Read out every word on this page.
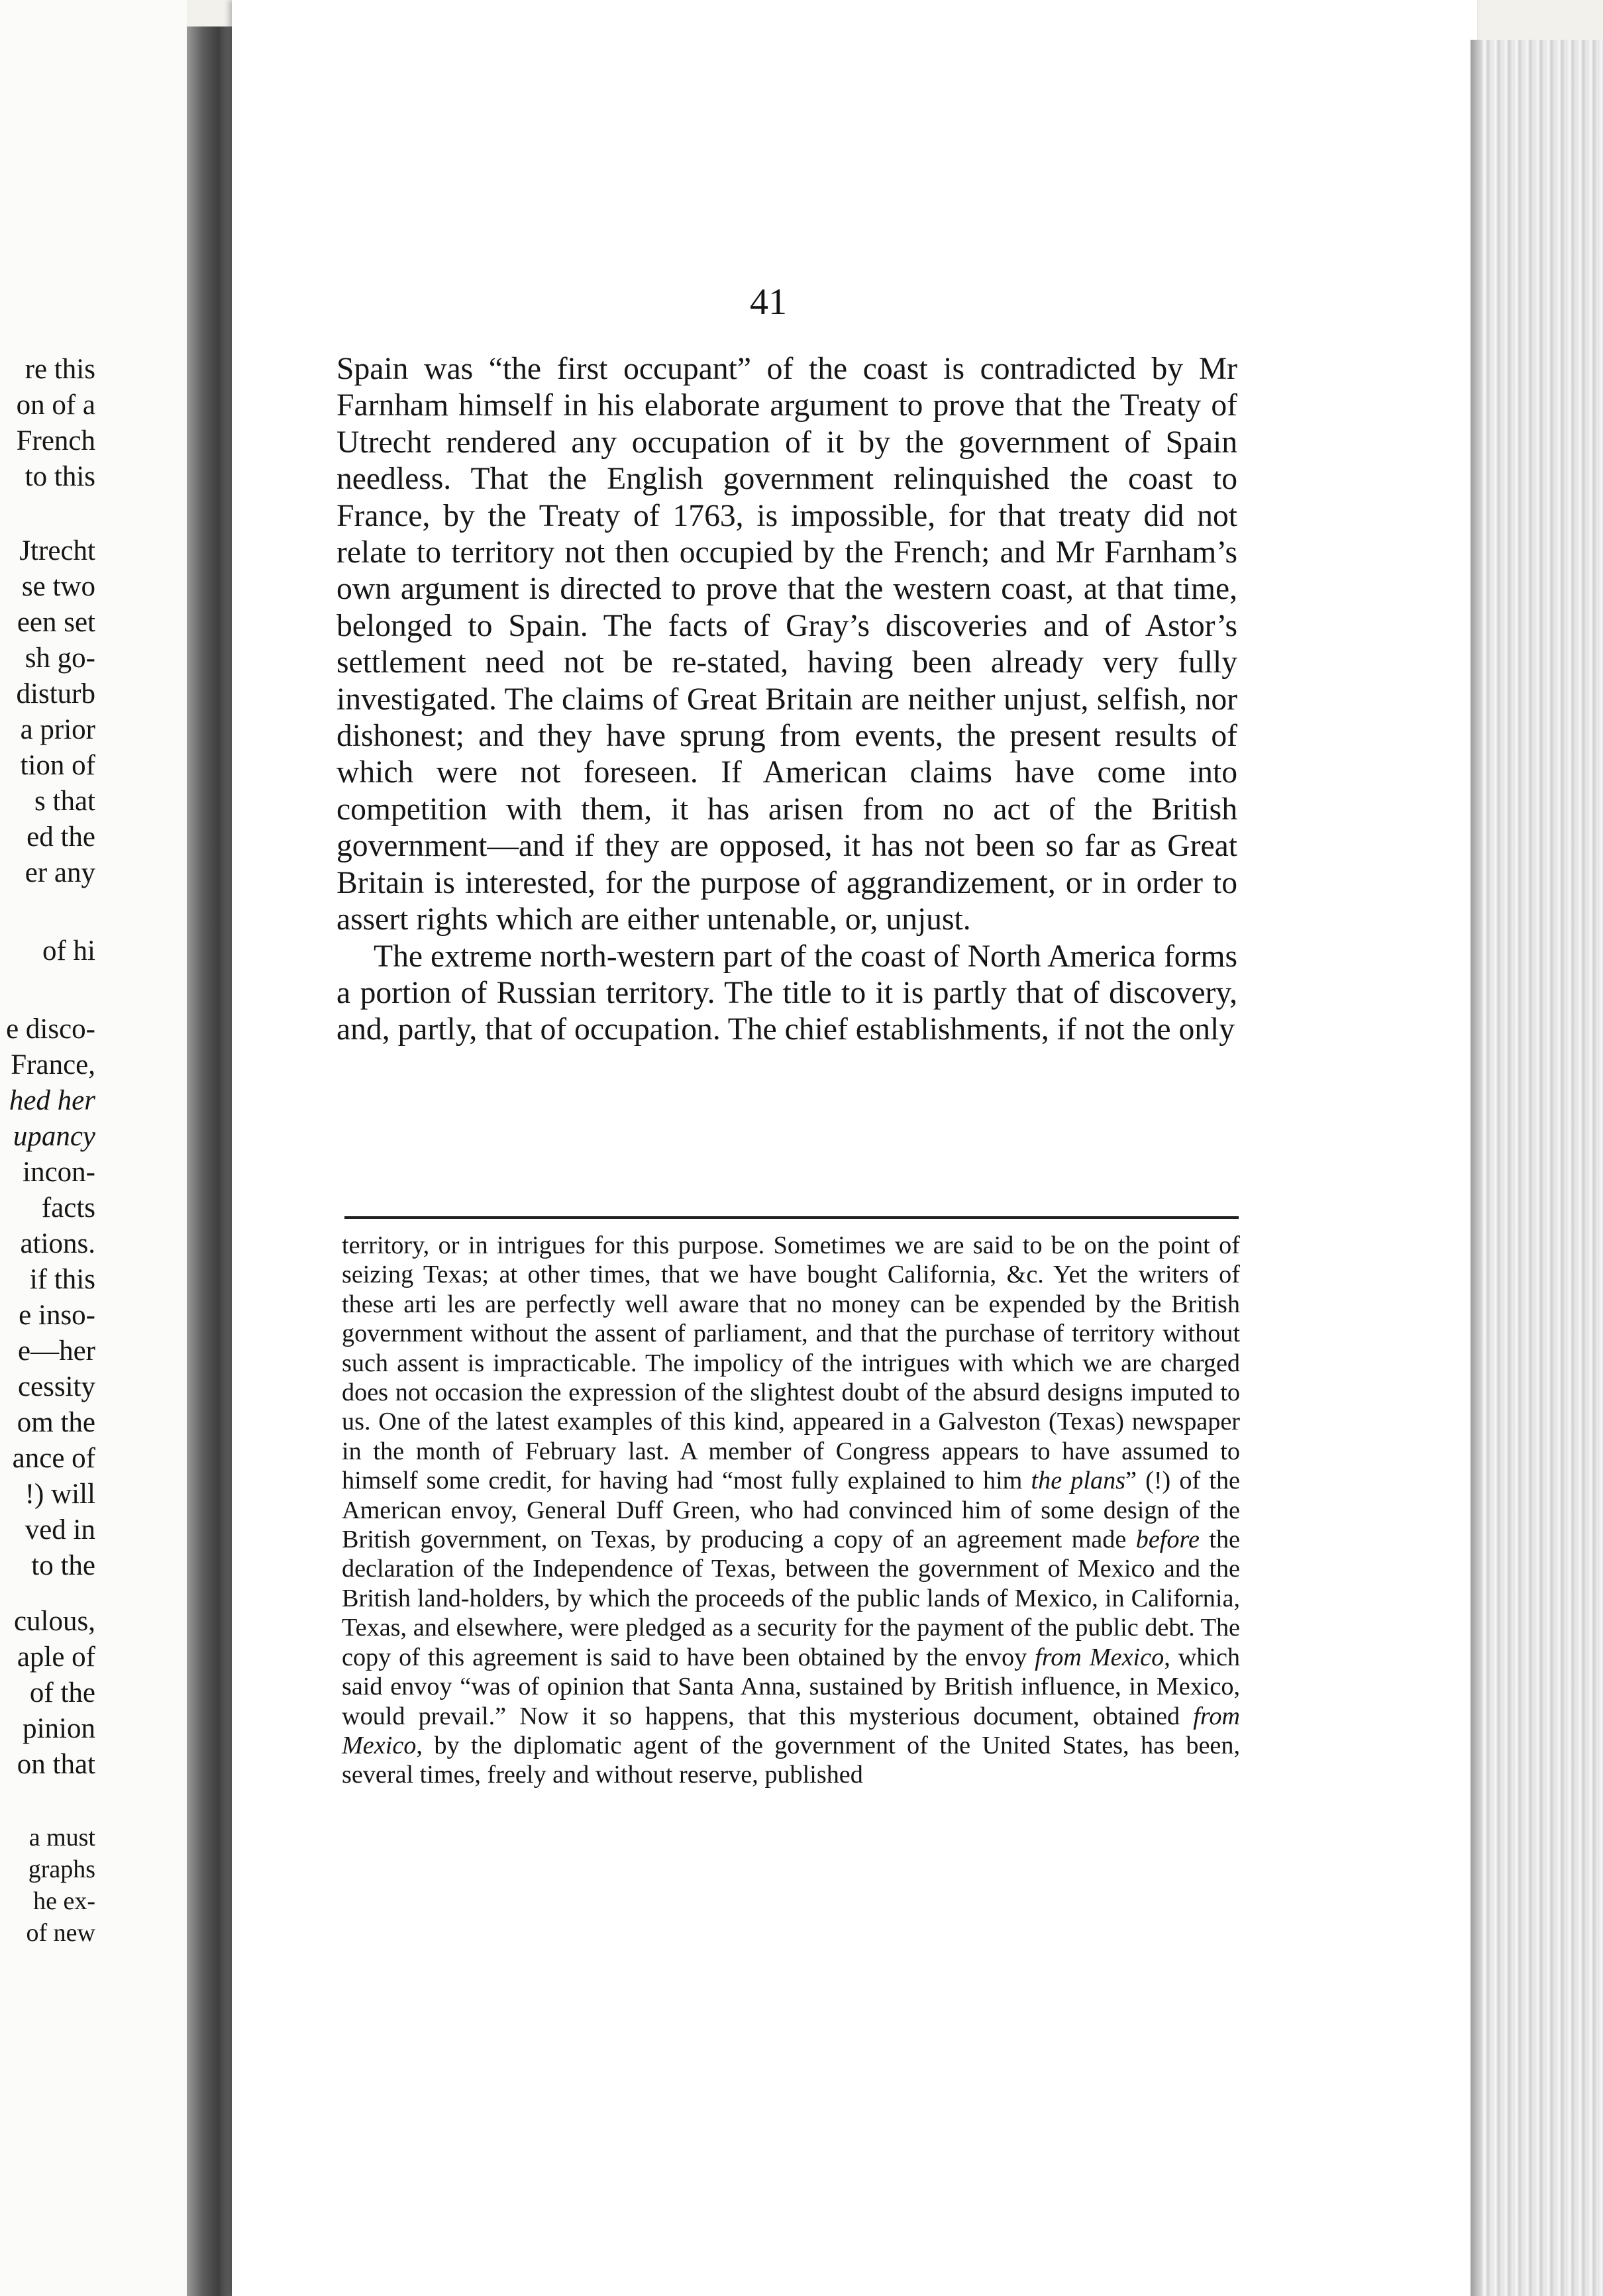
re this
on of a
French
to this
Jtrecht
se two
een set
sh go-
disturb
a prior
tion of
s that
ed the
er any
of hi
e disco-
France,
hed her
upancy
incon-
facts
ations.
if this
e inso-
e—her
cessity
om the
ance of
!) will
ved in
to the
culous,
aple of
of the
pinion
on that
a must
graphs
he ex-
of new
41

Spain was “the first occupant” of the coast is contradicted by Mr Farnham himself in his elaborate argument to prove that the Treaty of Utrecht rendered any occupation of it by the government of Spain needless. That the English government relinquished the coast to France, by the Treaty of 1763, is impossible, for that treaty did not relate to territory not then occupied by the French; and Mr Farnham’s own argument is directed to prove that the western coast, at that time, belonged to Spain. The facts of Gray’s discoveries and of Astor’s settlement need not be re-stated, having been already very fully investigated. The claims of Great Britain are neither unjust, selfish, nor dishonest; and they have sprung from events, the present results of which were not foreseen. If American claims have come into competition with them, it has arisen from no act of the British government—and if they are opposed, it has not been so far as Great Britain is interested, for the purpose of aggrandizement, or in order to assert rights which are either untenable, or, unjust.

The extreme north-western part of the coast of North America forms a portion of Russian territory. The title to it is partly that of discovery, and, partly, that of occupation. The chief establishments, if not the only

territory, or in intrigues for this purpose. Sometimes we are said to be on the point of seizing Texas; at other times, that we have bought California, &c. Yet the writers of these arti les are perfectly well aware that no money can be expended by the British government without the assent of parliament, and that the purchase of territory without such assent is impracticable. The impolicy of the intrigues with which we are charged does not occasion the expression of the slightest doubt of the absurd designs imputed to us. One of the latest examples of this kind, appeared in a Galveston (Texas) newspaper in the month of February last. A member of Congress appears to have assumed to himself some credit, for having had “most fully explained to him the plans” (!) of the American envoy, General Duff Green, who had convinced him of some design of the British government, on Texas, by producing a copy of an agreement made before the declaration of the Independence of Texas, between the government of Mexico and the British land-holders, by which the proceeds of the public lands of Mexico, in California, Texas, and elsewhere, were pledged as a security for the payment of the public debt. The copy of this agreement is said to have been obtained by the envoy from Mexico, which said envoy “was of opinion that Santa Anna, sustained by British influence, in Mexico, would prevail.” Now it so happens, that this mysterious document, obtained from Mexico, by the diplomatic agent of the government of the United States, has been, several times, freely and without reserve, published
